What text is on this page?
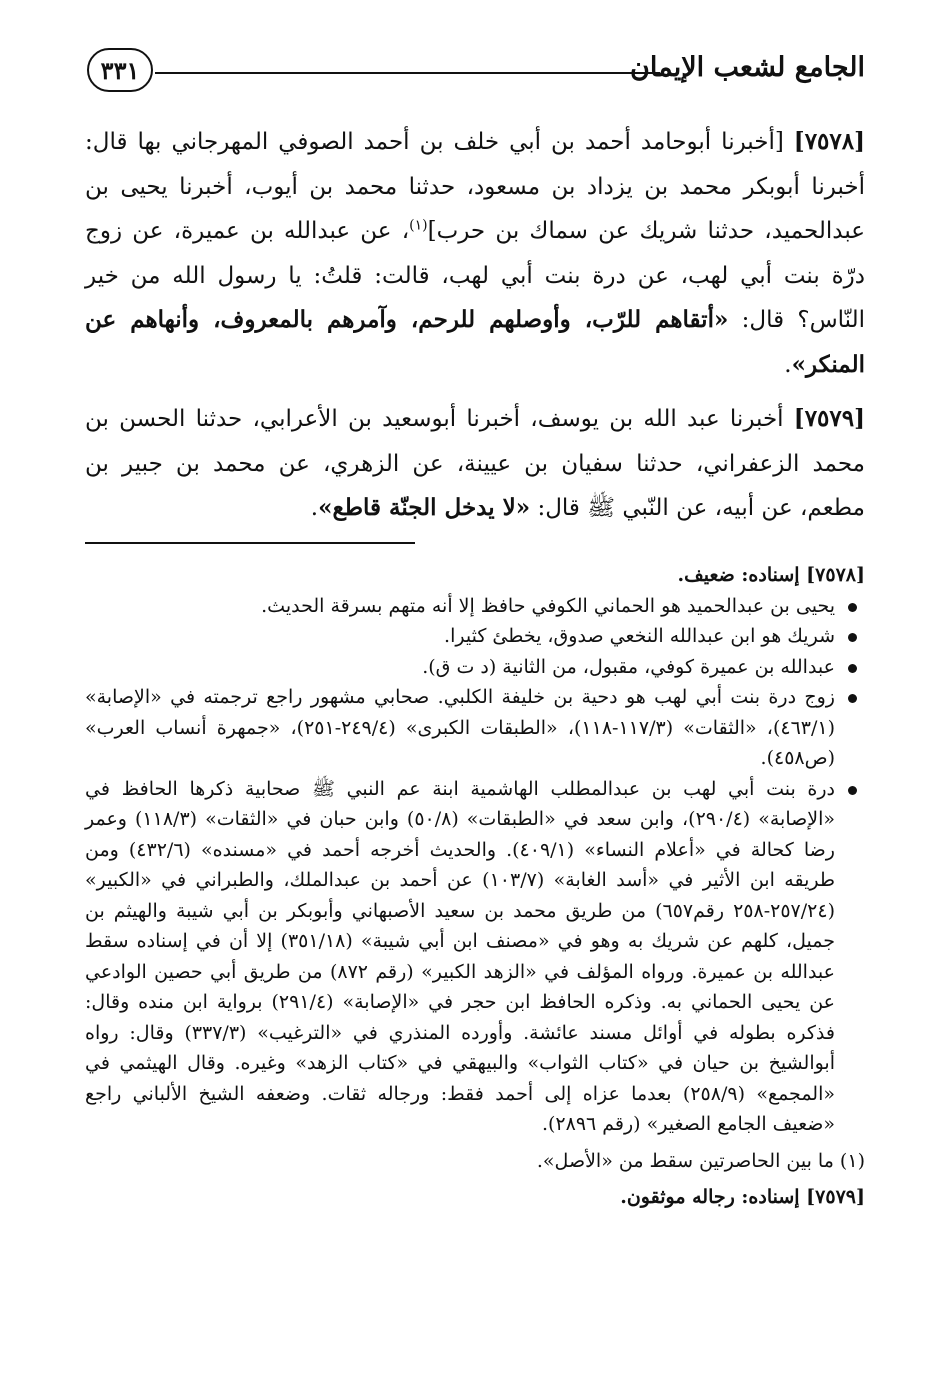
الجامع لشعب الإيمان
٣٣١

[٧٥٧٨] [أخبرنا أبوحامد أحمد بن أبي خلف بن أحمد الصوفي المهرجاني بها قال: أخبرنا أبوبكر محمد بن يزداد بن مسعود، حدثنا محمد بن أيوب، أخبرنا يحيى بن عبدالحميد، حدثنا شريك عن سماك بن حرب]$^{(١)}$، عن عبدالله بن عميرة، عن زوج درّة بنت أبي لهب، عن درة بنت أبي لهب، قالت: قلتُ: يا رسول الله من خير النّاس؟ قال: «أتقاهم للرّب، وأوصلهم للرحم، وآمرهم بالمعروف، وأنهاهم عن المنكر».

[٧٥٧٩] أخبرنا عبد الله بن يوسف، أخبرنا أبوسعيد بن الأعرابي، حدثنا الحسن بن محمد الزعفراني، حدثنا سفيان بن عيينة، عن الزهري، عن محمد بن جبير بن مطعم، عن أبيه، عن النّبي ﷺ قال: «لا يدخل الجنّة قاطع».

[٧٥٧٨] إسناده: ضعيف.

يحيى بن عبدالحميد هو الحماني الكوفي حافظ إلا أنه متهم بسرقة الحديث.
شريك هو ابن عبدالله النخعي صدوق، يخطئ كثيرا.
عبدالله بن عميرة كوفي، مقبول، من الثانية (د ت ق).
زوج درة بنت أبي لهب هو دحية بن خليفة الكلبي. صحابي مشهور راجع ترجمته في «الإصابة» (٤٦٣/١)، «الثقات» (١١٧/٣-١١٨)، «الطبقات الكبرى» (٢٤٩/٤-٢٥١)، «جمهرة أنساب العرب» (ص٤٥٨).
درة بنت أبي لهب بن عبدالمطلب الهاشمية ابنة عم النبي ﷺ صحابية ذكرها الحافظ في «الإصابة» (٢٩٠/٤)، وابن سعد في «الطبقات» (٥٠/٨) وابن حبان في «الثقات» (١١٨/٣) وعمر رضا كحالة في «أعلام النساء» (٤٠٩/١). والحديث أخرجه أحمد في «مسنده» (٤٣٢/٦) ومن طريقه ابن الأثير في «أسد الغابة» (١٠٣/٧) عن أحمد بن عبدالملك، والطبراني في «الكبير» (٢٥٧/٢٤-٢٥٨ رقم٦٥٧) من طريق محمد بن سعيد الأصبهاني وأبوبكر بن أبي شيبة والهيثم بن جميل، كلهم عن شريك به وهو في «مصنف ابن أبي شيبة» (٣٥١/١٨) إلا أن في إسناده سقط عبدالله بن عميرة. ورواه المؤلف في «الزهد الكبير» (رقم ٨٧٢) من طريق أبي حصين الوادعي عن يحيى الحماني به. وذكره الحافظ ابن حجر في «الإصابة» (٢٩١/٤) برواية ابن منده وقال: فذكره بطوله في أوائل مسند عائشة. وأورده المنذري في «الترغيب» (٣٣٧/٣) وقال: رواه أبوالشيخ بن حيان في «كتاب الثواب» والبيهقي في «كتاب الزهد» وغيره. وقال الهيثمي في «المجمع» (٢٥٨/٩) بعدما عزاه إلى أحمد فقط: ورجاله ثقات. وضعفه الشيخ الألباني راجع «ضعيف الجامع الصغير» (رقم ٢٨٩٦).

(١) ما بين الحاصرتين سقط من «الأصل».

[٧٥٧٩] إسناده: رجاله موثقون.
